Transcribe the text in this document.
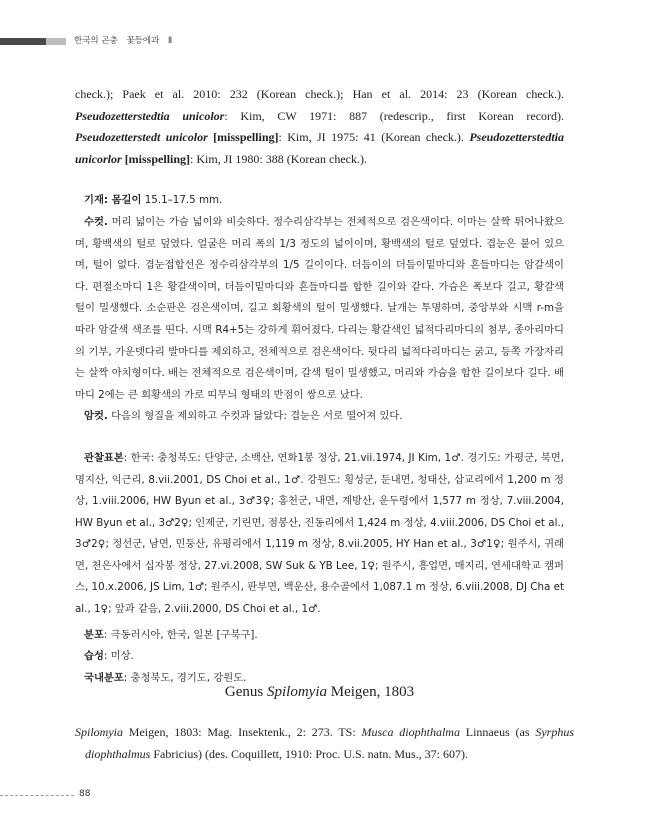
한국의 곤충 꽃등에과 Ⅱ

check.); Paek et al. 2010: 232 (Korean check.); Han et al. 2014: 23 (Korean check.). Pseudozetterstedtia unicolor: Kim, CW 1971: 887 (redescrip., first Korean record). Pseudozetterstedt unicolor [misspelling]: Kim, JI 1975: 41 (Korean check.). Pseudozetterstedtia unicorlor [misspelling]: Kim, JI 1980: 388 (Korean check.).

기재: 몸길이 15.1–17.5 mm.

수컷. 머리 넓이는 가슴 넓이와 비슷하다. 정수리삼각부는 전체적으로 검은색이다. 이마는 살짝 튀어나왔으며, 황백색의 털로 덮였다. 얼굴은 머리 폭의 1/3 정도의 넓이이며, 황백색의 털로 덮였다. 겹눈은 붙어 있으며, 털이 없다. 겹눈접합선은 정수리삼각부의 1/5 길이이다. 더듬이의 더듬이밑마디와 흔들마디는 암갈색이다. 편절소마디 1은 황갈색이며, 더듬이밑마디와 흔들마디를 합한 길이와 같다. 가슴은 폭보다 길고, 황갈색 털이 밀생했다. 소순판은 검은색이며, 길고 회황색의 털이 밀생했다. 날개는 투명하며, 중앙부와 시맥 r-m을 따라 암갈색 색조를 띤다. 시맥 R4+5는 강하게 휘어졌다. 다리는 황갈색인 넓적다리마디의 첨부, 종아리마디의 기부, 가운뎃다리 발마디를 제외하고, 전체적으로 검은색이다. 뒷다리 넓적다리마디는 굵고, 등쪽 가장자리는 살짝 아치형이다. 배는 전체적으로 검은색이며, 갈색 털이 밀생했고, 머리와 가슴을 합한 길이보다 길다. 배마디 2에는 큰 회황색의 가로 띠무늬 형태의 반점이 쌍으로 났다.

암컷. 다음의 형질을 제외하고 수컷과 닮았다: 겹눈은 서로 떨어져 있다.

관찰표본: 한국: 충청북도: 단양군, 소백산, 연화1봉 정상, 21.vii.1974, JI Kim, 1♂. 경기도: 가평군, 북면, 명지산, 익근리, 8.vii.2001, DS Choi et al., 1♂. 강원도: 횡성군, 둔내면, 청태산, 삽교리에서 1,200 m 정상, 1.viii.2006, HW Byun et al., 3♂3♀; 홍천군, 내면, 계방산, 운두령에서 1,577 m 정상, 7.viii.2004, HW Byun et al., 3♂2♀; 인제군, 기린면, 점봉산, 진동리에서 1,424 m 정상, 4.viii.2006, DS Choi et al., 3♂2♀; 정선군, 남면, 민둥산, 유평리에서 1,119 m 정상, 8.vii.2005, HY Han et al., 3♂1♀; 원주시, 귀래면, 천은사에서 십자봉 정상, 27.vi.2008, SW Suk & YB Lee, 1♀; 원주시, 흥업면, 매지리, 연세대학교 캠퍼스, 10.x.2006, JS Lim, 1♂; 원주시, 판부면, 백운산, 용수골에서 1,087.1 m 정상, 6.viii.2008, DJ Cha et al., 1♀; 앞과 같음, 2.viii.2000, DS Choi et al., 1♂.

분포: 극동러시아, 한국, 일본 [구북구].

습성: 미상.

국내분포: 충청북도, 경기도, 강원도.

Genus Spilomyia Meigen, 1803
Spilomyia Meigen, 1803: Mag. Insektenk., 2: 273. TS: Musca diophthalma Linnaeus (as Syrphus diophthalmus Fabricius) (des. Coquillett, 1910: Proc. U.S. natn. Mus., 37: 607).
88
